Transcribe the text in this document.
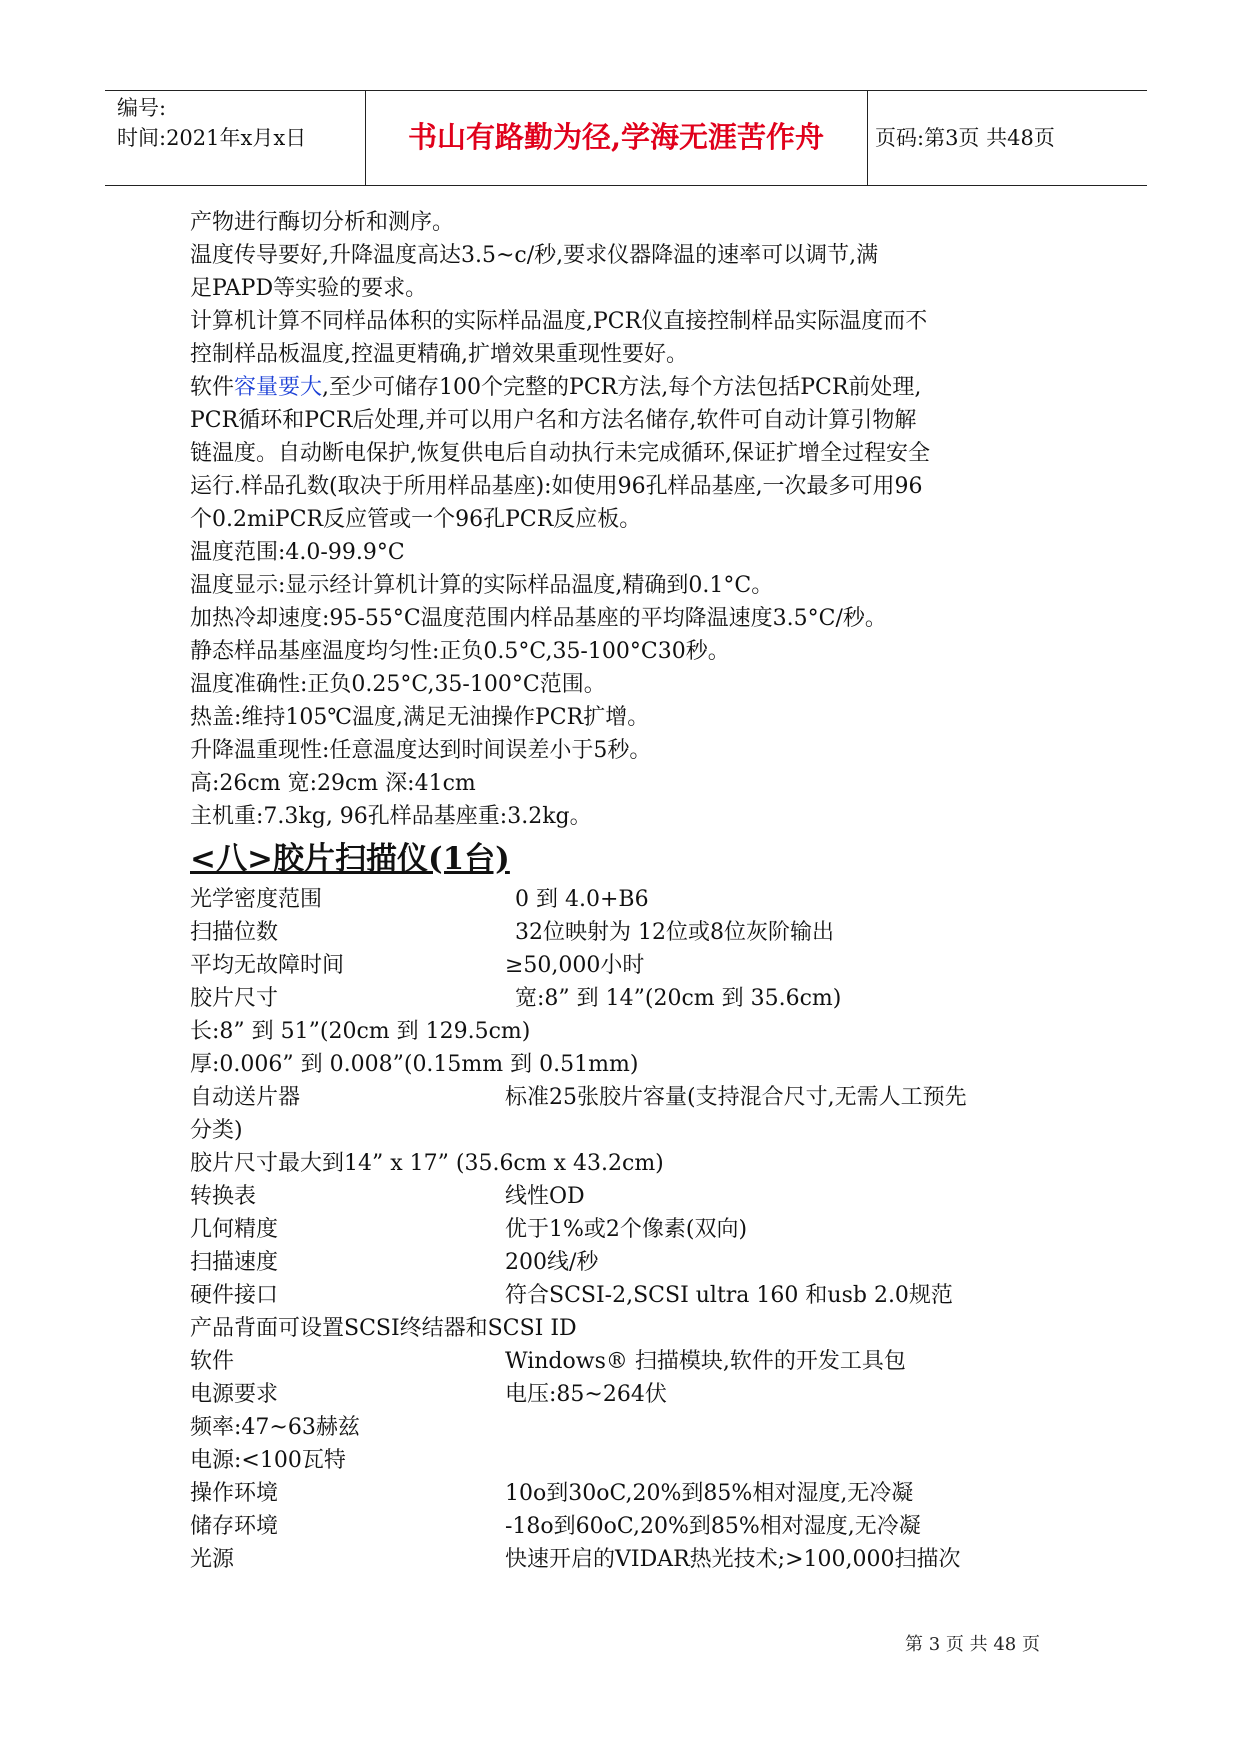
编号:
时间:2021年x月x日	书山有路勤为径,学海无涯苦作舟	页码:第3页 共48页

产物进行酶切分析和测序。

温度传导要好,升降温度高达3.5~c/秒,要求仪器降温的速率可以调节,满

足PAPD等实验的要求。

计算机计算不同样品体积的实际样品温度,PCR仪直接控制样品实际温度而不

控制样品板温度,控温更精确,扩增效果重现性要好。

软件容量要大,至少可储存100个完整的PCR方法,每个方法包括PCR前处理,

PCR循环和PCR后处理,并可以用户名和方法名储存,软件可自动计算引物解

链温度。自动断电保护,恢复供电后自动执行未完成循环,保证扩增全过程安全

运行.样品孔数(取决于所用样品基座):如使用96孔样品基座,一次最多可用96

个0.2miPCR反应管或一个96孔PCR反应板。

温度范围:4.0-99.9°C

温度显示:显示经计算机计算的实际样品温度,精确到0.1°C。

加热冷却速度:95-55°C温度范围内样品基座的平均降温速度3.5°C/秒。

静态样品基座温度均匀性:正负0.5°C,35-100°C30秒。

温度准确性:正负0.25°C,35-100°C范围。

热盖:维持105℃温度,满足无油操作PCR扩增。

升降温重现性:任意温度达到时间误差小于5秒。

高:26cm 宽:29cm 深:41cm

主机重:7.3kg, 96孔样品基座重:3.2kg。

<八>胶片扫描仪(1台)
光学密度范围	0 到 4.0+B6
扫描位数	32位映射为 12位或8位灰阶输出
平均无故障时间	≥50,000小时
胶片尺寸	宽:8” 到 14”(20cm 到 35.6cm)

长:8” 到 51”(20cm 到 129.5cm)

厚:0.006” 到 0.008”(0.15mm 到 0.51mm)

自动送片器	标准25张胶片容量(支持混合尺寸,无需人工预先
分类)

胶片尺寸最大到14” x 17” (35.6cm x 43.2cm)

转换表	线性OD
几何精度	优于1%或2个像素(双向)
扫描速度	200线/秒
硬件接口	符合SCSI-2,SCSI ultra 160 和usb 2.0规范

产品背面可设置SCSI终结器和SCSI ID

软件	Windows® 扫描模块,软件的开发工具包
电源要求	电压:85~264伏

频率:47~63赫兹

电源:<100瓦特

操作环境	10o到30oC,20%到85%相对湿度,无冷凝
储存环境	-18o到60oC,20%到85%相对湿度,无冷凝
光源	快速开启的VIDAR热光技术;>100,000扫描次
第 3 页 共 48 页
